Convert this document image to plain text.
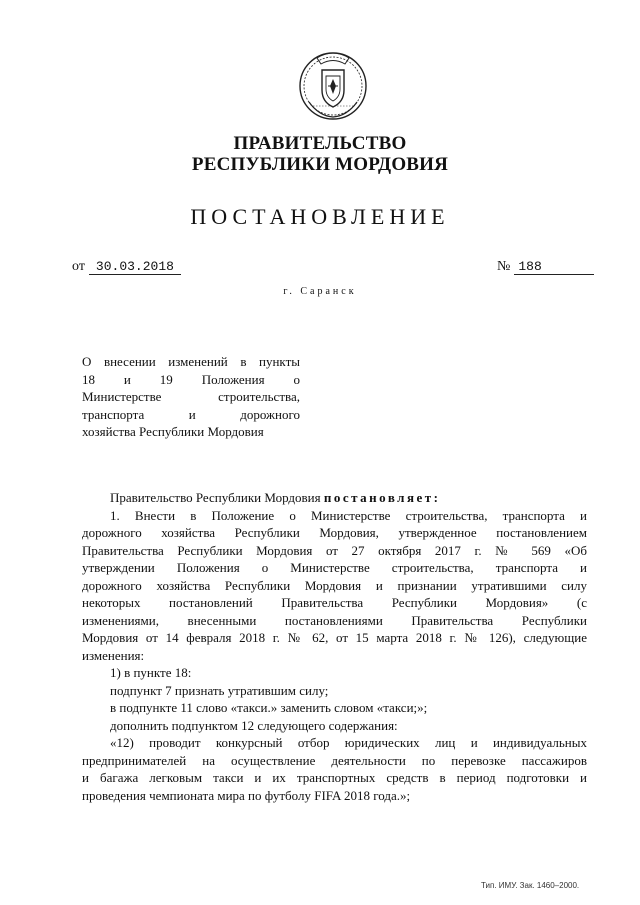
ПРАВИТЕЛЬСТВО
РЕСПУБЛИКИ МОРДОВИЯ
ПОСТАНОВЛЕНИЕ
от 30.03.2018	№ 188
г. Саранск
О внесении изменений в пункты
18 и 19 Положения о
Министерстве строительства,
транспорта и дорожного
хозяйства Республики Мордовия
Правительство Республики Мордовия постановляет:
1. Внести в Положение о Министерстве строительства, транспорта и
дорожного хозяйства Республики Мордовия, утвержденное постановлением
Правительства Республики Мордовия от 27 октября 2017 г. № 569 «Об
утверждении Положения о Министерстве строительства, транспорта и
дорожного хозяйства Республики Мордовия и признании утратившими силу
некоторых постановлений Правительства Республики Мордовия» (с
изменениями, внесенными постановлениями Правительства Республики
Мордовия от 14 февраля 2018 г. № 62, от 15 марта 2018 г. № 126), следующие
изменения:
1) в пункте 18:
подпункт 7 признать утратившим силу;
в подпункте 11 слово «такси.» заменить словом «такси;»;
дополнить подпунктом 12 следующего содержания:
«12) проводит конкурсный отбор юридических лиц и индивидуальных
предпринимателей на осуществление деятельности по перевозке пассажиров
и багажа легковым такси и их транспортных средств в период подготовки и
проведения чемпионата мира по футболу FIFA 2018 года.»;
Тип. ИМУ. Зак. 1460–2000.
